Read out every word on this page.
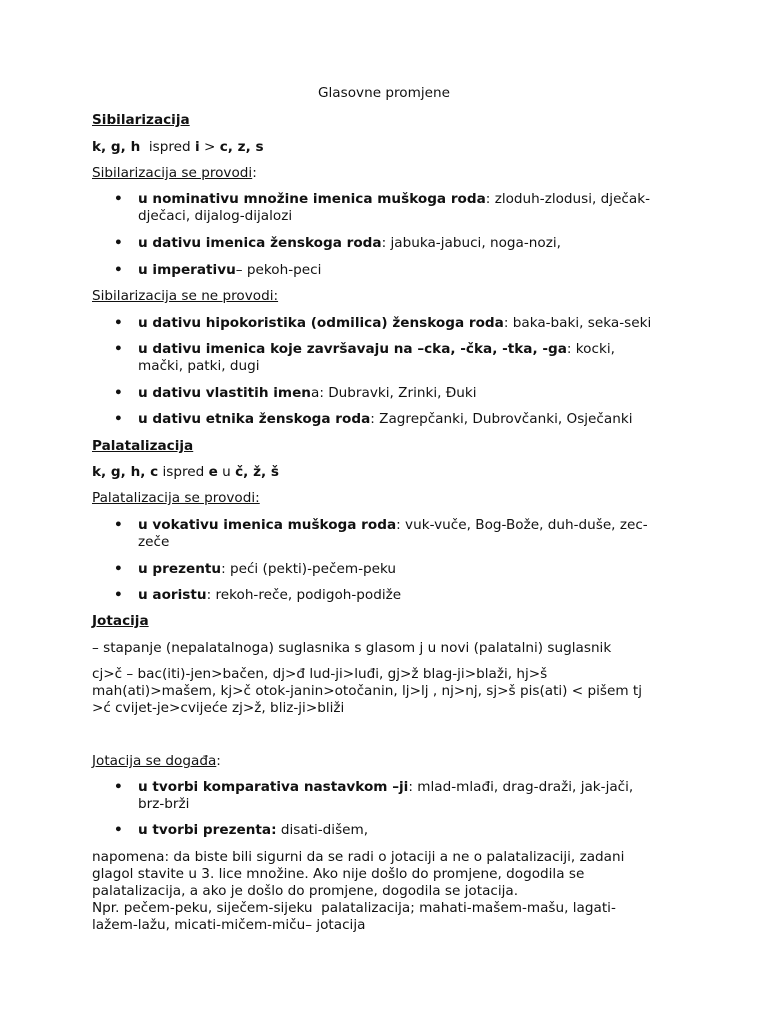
Glasovne promjene
Sibilarizacija
k, g, h  ispred i > c, z, s
Sibilarizacija se provodi:
• u nominativu množine imenica muškoga roda: zloduh-zlodusi, dječak-
dječaci, dijalog-dijalozi
• u dativu imenica ženskoga roda: jabuka-jabuci, noga-nozi,
• u imperativu– pekoh-peci
Sibilarizacija se ne provodi:
• u dativu hipokoristika (odmilica) ženskoga roda: baka-baki, seka-seki
• u dativu imenica koje završavaju na –cka, -čka, -tka, -ga: kocki,
mački, patki, dugi
• u dativu vlastitih imena: Dubravki, Zrinki, Đuki
• u dativu etnika ženskoga roda: Zagrepčanki, Dubrovčanki, Osječanki
Palatalizacija
k, g, h, c ispred e u č, ž, š
Palatalizacija se provodi:
• u vokativu imenica muškoga roda: vuk-vuče, Bog-Bože, duh-duše, zec-
zeče
• u prezentu: peći (pekti)-pečem-peku
• u aoristu: rekoh-reče, podigoh-podiže
Jotacija
– stapanje (nepalatalnoga) suglasnika s glasom j u novi (palatalni) suglasnik
cj>č – bac(iti)-jen>bačen, dj>đ lud-ji>luđi, gj>ž blag-ji>blaži, hj>š
mah(ati)>mašem, kj>č otok-janin>otočanin, lj>lj , nj>nj, sj>š pis(ati) < pišem tj
>ć cvijet-je>cvijeće zj>ž, bliz-ji>bliži
Jotacija se događa:
• u tvorbi komparativa nastavkom –ji: mlad-mlađi, drag-draži, jak-jači,
brz-brži
• u tvorbi prezenta: disati-dišem,
napomena: da biste bili sigurni da se radi o jotaciji a ne o palatalizaciji, zadani
glagol stavite u 3. lice množine. Ako nije došlo do promjene, dogodila se
palatalizacija, a ako je došlo do promjene, dogodila se jotacija.
Npr. pečem-peku, siječem-sijeku  palatalizacija; mahati-mašem-mašu, lagati-
lažem-lažu, micati-mičem-miču– jotacija
